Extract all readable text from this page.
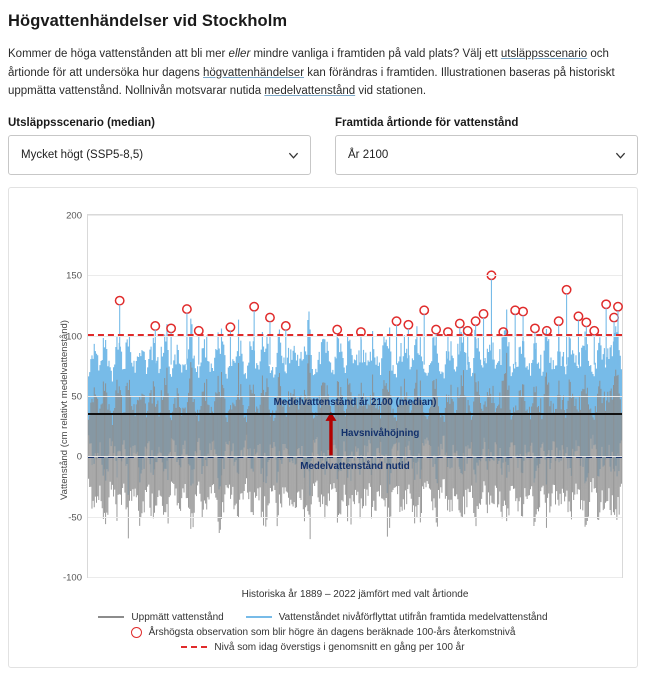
Högvattenhändelser vid Stockholm

Kommer de höga vattenstånden att bli mer eller mindre vanliga i framtiden på vald plats? Välj ett utsläppsscenario och årtionde för att undersöka hur dagens högvattenhändelser kan förändras i framtiden. Illustrationen baseras på historiskt uppmätta vattenstånd. Nollnivån motsvarar nutida medelvattenstånd vid stationen.

Utsläppsscenario (median)
Mycket högt (SSP5-8,5)
Framtida årtionde för vattenstånd
År 2100
Vattenstånd (cm relativt medelvattenstånd)	Medelvattenstånd år 2100 (median)
Medelvattenstånd nutid
Havsnivåhöjning
200
150
100
50
0
-50
-100
Historiska år 1889 – 2022 jämfört med valt årtionde
Uppmätt vattenstånd	Vattenståndet nivåförflyttat utifrån framtida medelvattenstånd
Årshögsta observation som blir högre än dagens beräknade 100-års återkomstnivå
Nivå som idag överstigs i genomsnitt en gång per 100 år
